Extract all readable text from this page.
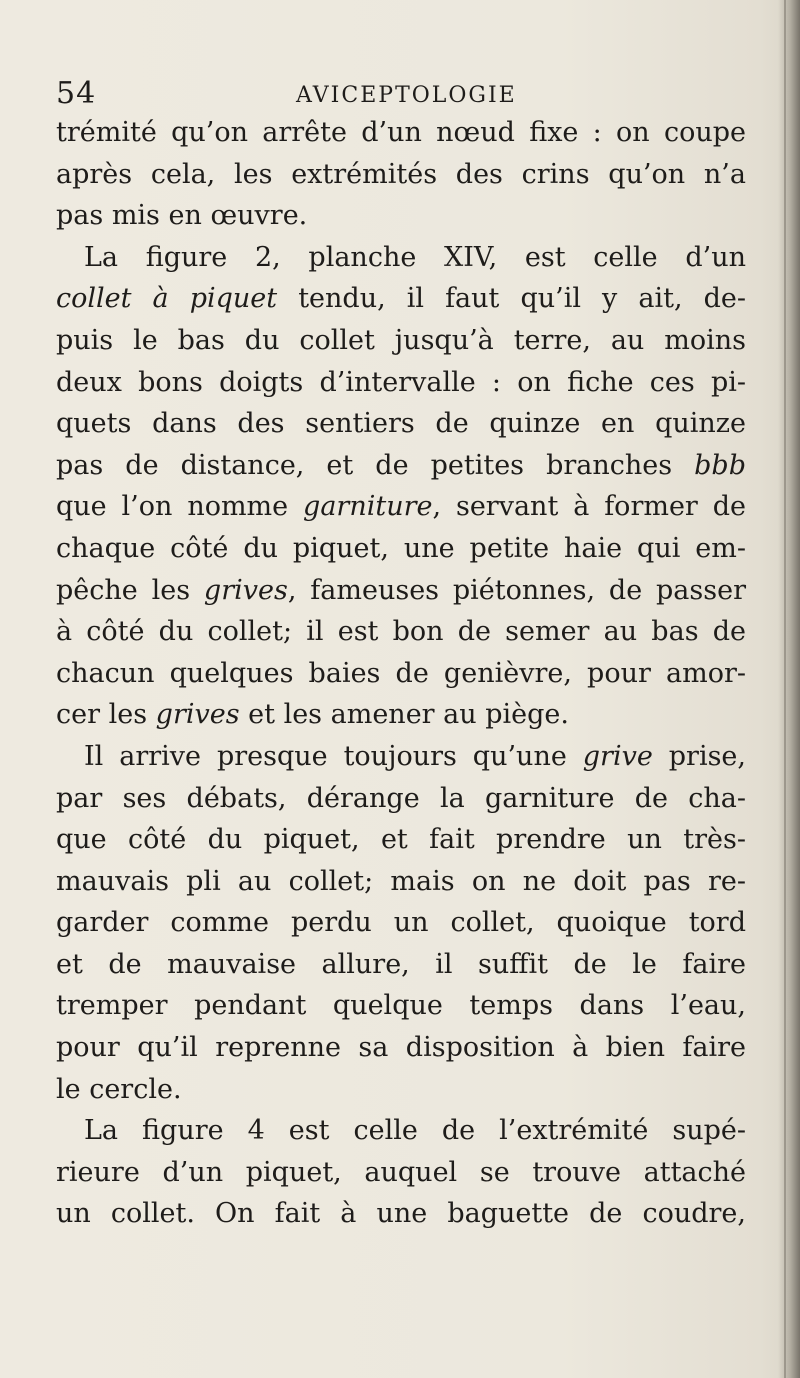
54	AVICEPTOLOGIE
trémité qu’on arrête d’un nœud fixe : on coupe
après cela, les extrémités des crins qu’on n’a
pas mis en œuvre.
La figure 2, planche XIV, est celle d’un
collet à piquet tendu, il faut qu’il y ait, de-
puis le bas du collet jusqu’à terre, au moins
deux bons doigts d’intervalle : on fiche ces pi-
quets dans des sentiers de quinze en quinze
pas de distance, et de petites branches bbb
que l’on nomme garniture, servant à former de
chaque côté du piquet, une petite haie qui em-
pêche les grives, fameuses piétonnes, de passer
à côté du collet; il est bon de semer au bas de
chacun quelques baies de genièvre, pour amor-
cer les grives et les amener au piège.
Il arrive presque toujours qu’une grive prise,
par ses débats, dérange la garniture de cha-
que côté du piquet, et fait prendre un très-
mauvais pli au collet; mais on ne doit pas re-
garder comme perdu un collet, quoique tord
et de mauvaise allure, il suffit de le faire
tremper pendant quelque temps dans l’eau,
pour qu’il reprenne sa disposition à bien faire
le cercle.
La figure 4 est celle de l’extrémité supé-
rieure d’un piquet, auquel se trouve attaché
un collet. On fait à une baguette de coudre,
